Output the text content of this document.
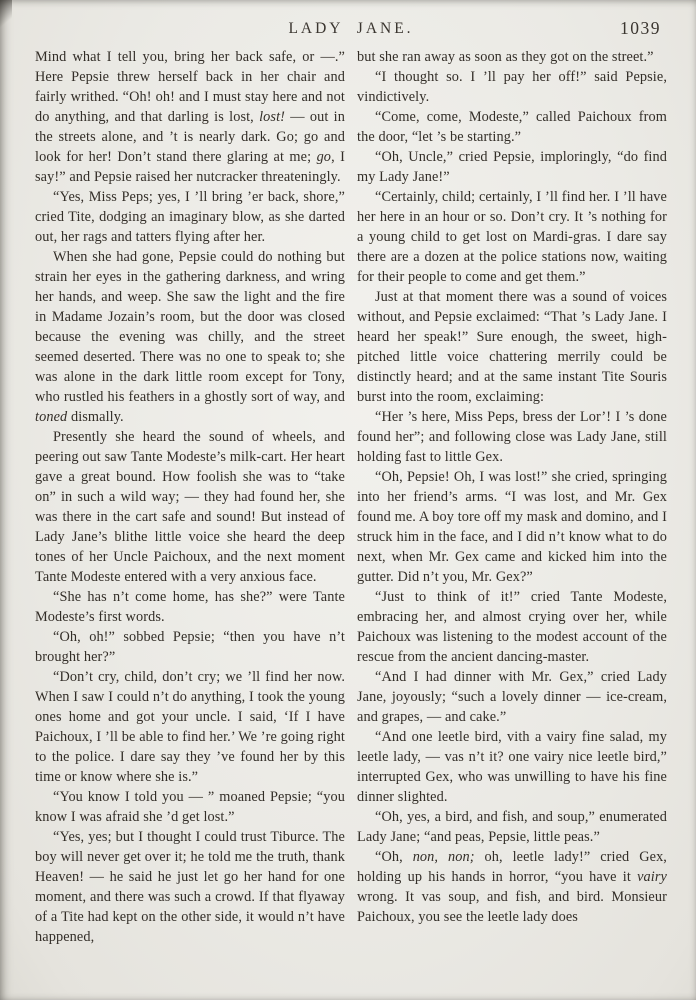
LADY JANE.	1039

Mind what I tell you, bring her back safe, or —.” Here Pepsie threw herself back in her chair and fairly writhed. “Oh! oh! and I must stay here and not do anything, and that darling is lost, lost! — out in the streets alone, and ’t is nearly dark. Go; go and look for her! Don’t stand there glaring at me; go, I say!” and Pepsie raised her nutcracker threateningly.

“Yes, Miss Peps; yes, I ’ll bring ’er back, shore,” cried Tite, dodging an imaginary blow, as she darted out, her rags and tatters flying after her.

When she had gone, Pepsie could do nothing but strain her eyes in the gathering darkness, and wring her hands, and weep. She saw the light and the fire in Madame Jozain’s room, but the door was closed because the evening was chilly, and the street seemed deserted. There was no one to speak to; she was alone in the dark little room except for Tony, who rustled his feathers in a ghostly sort of way, and toned dismally.

Presently she heard the sound of wheels, and peering out saw Tante Modeste’s milk-cart. Her heart gave a great bound. How foolish she was to “take on” in such a wild way; — they had found her, she was there in the cart safe and sound! But instead of Lady Jane’s blithe little voice she heard the deep tones of her Uncle Paichoux, and the next moment Tante Modeste entered with a very anxious face.

“She has n’t come home, has she?” were Tante Modeste’s first words.

“Oh, oh!” sobbed Pepsie; “then you have n’t brought her?”

“Don’t cry, child, don’t cry; we ’ll find her now. When I saw I could n’t do anything, I took the young ones home and got your uncle. I said, ‘If I have Paichoux, I ’ll be able to find her.’ We ’re going right to the police. I dare say they ’ve found her by this time or know where she is.”

“You know I told you — ” moaned Pepsie; “you know I was afraid she ’d get lost.”

“Yes, yes; but I thought I could trust Tiburce. The boy will never get over it; he told me the truth, thank Heaven! — he said he just let go her hand for one moment, and there was such a crowd. If that flyaway of a Tite had kept on the other side, it would n’t have happened,

but she ran away as soon as they got on the street.”

“I thought so. I ’ll pay her off!” said Pepsie, vindictively.

“Come, come, Modeste,” called Paichoux from the door, “let ’s be starting.”

“Oh, Uncle,” cried Pepsie, imploringly, “do find my Lady Jane!”

“Certainly, child; certainly, I ’ll find her. I ’ll have her here in an hour or so. Don’t cry. It ’s nothing for a young child to get lost on Mardi-gras. I dare say there are a dozen at the police stations now, waiting for their people to come and get them.”

Just at that moment there was a sound of voices without, and Pepsie exclaimed: “That ’s Lady Jane. I heard her speak!” Sure enough, the sweet, high-pitched little voice chattering merrily could be distinctly heard; and at the same instant Tite Souris burst into the room, exclaiming:

“Her ’s here, Miss Peps, bress der Lor’! I ’s done found her”; and following close was Lady Jane, still holding fast to little Gex.

“Oh, Pepsie! Oh, I was lost!” she cried, springing into her friend’s arms. “I was lost, and Mr. Gex found me. A boy tore off my mask and domino, and I struck him in the face, and I did n’t know what to do next, when Mr. Gex came and kicked him into the gutter. Did n’t you, Mr. Gex?”

“Just to think of it!” cried Tante Modeste, embracing her, and almost crying over her, while Paichoux was listening to the modest account of the rescue from the ancient dancing-master.

“And I had dinner with Mr. Gex,” cried Lady Jane, joyously; “such a lovely dinner — ice-cream, and grapes, — and cake.”

“And one leetle bird, vith a vairy fine salad, my leetle lady, — vas n’t it? one vairy nice leetle bird,” interrupted Gex, who was unwilling to have his fine dinner slighted.

“Oh, yes, a bird, and fish, and soup,” enumerated Lady Jane; “and peas, Pepsie, little peas.”

“Oh, non, non; oh, leetle lady!” cried Gex, holding up his hands in horror, “you have it vairy wrong. It vas soup, and fish, and bird. Monsieur Paichoux, you see the leetle lady does
